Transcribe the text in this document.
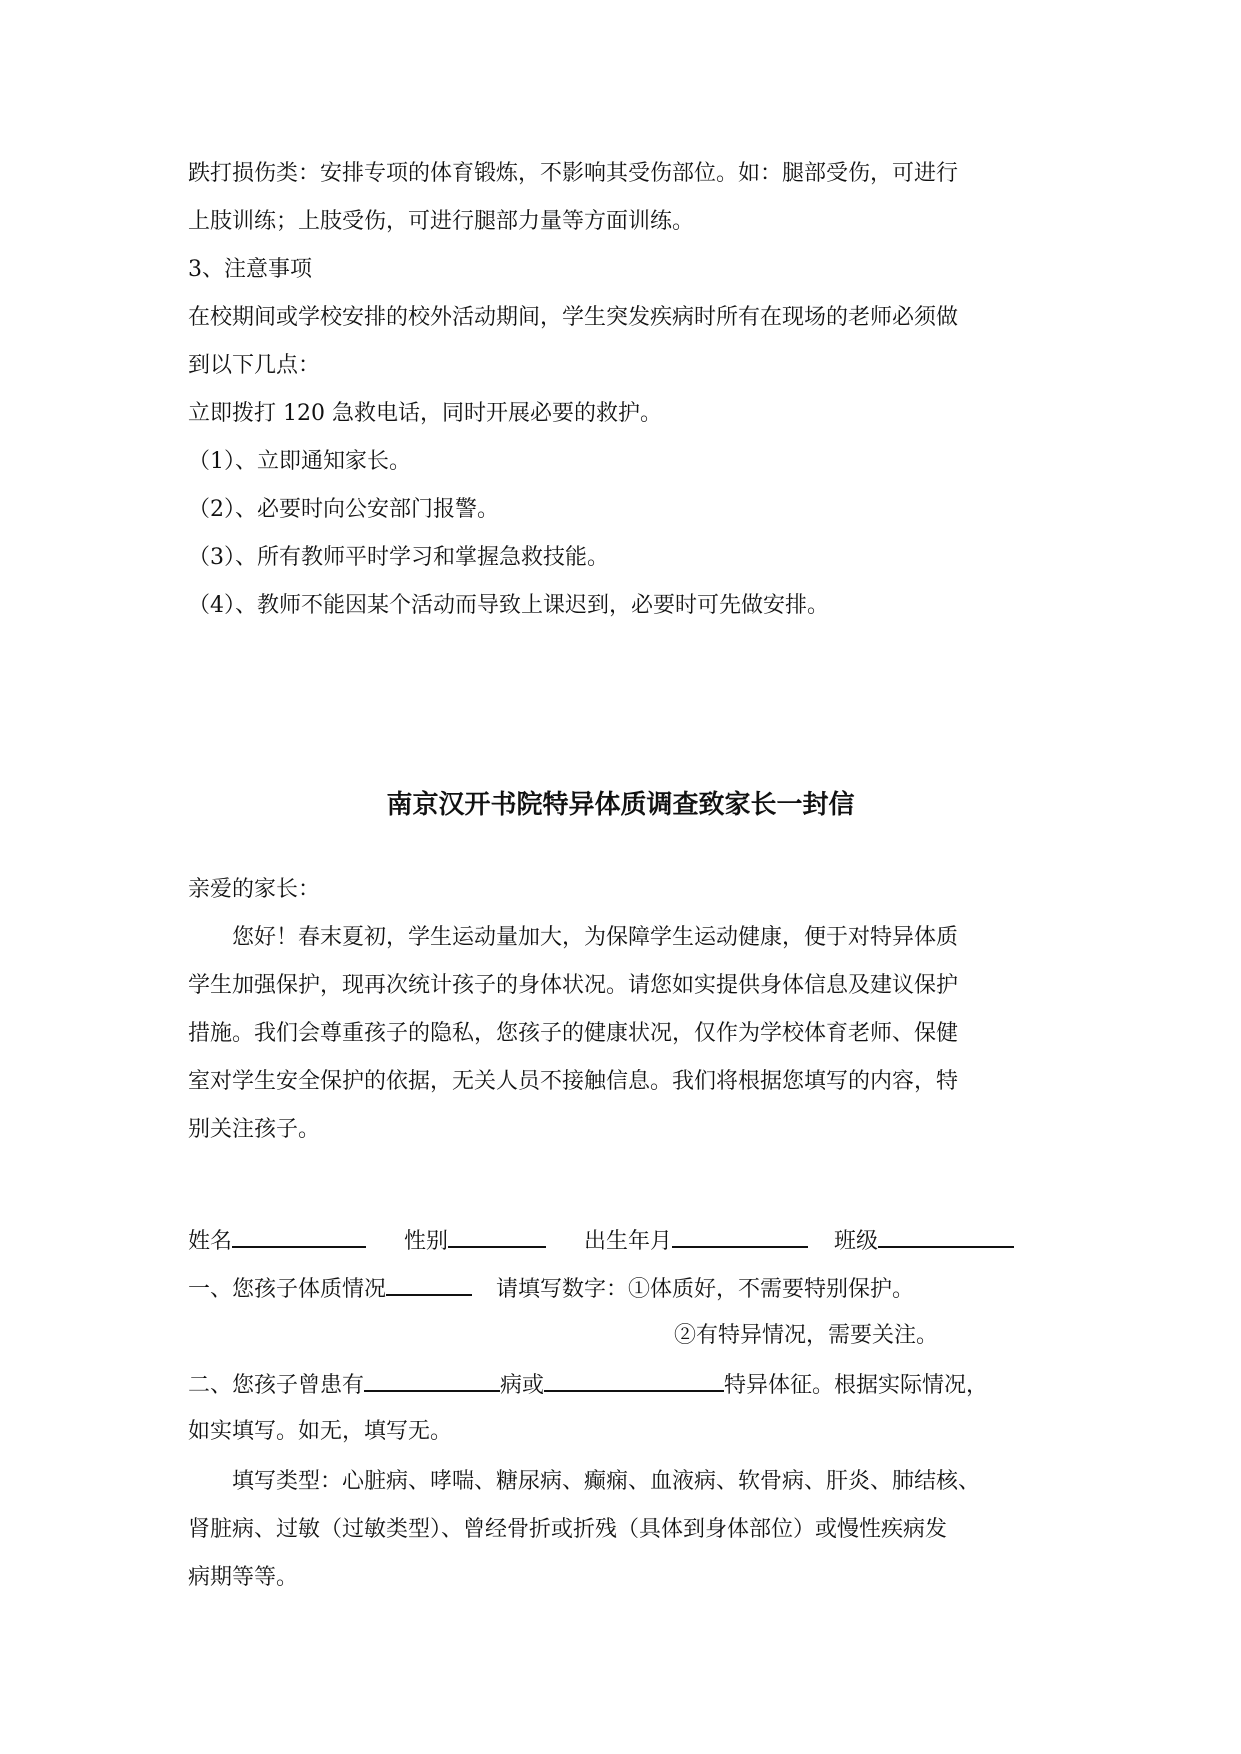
跌打损伤类：安排专项的体育锻炼，不影响其受伤部位。如：腿部受伤，可进行
上肢训练；上肢受伤，可进行腿部力量等方面训练。
3、注意事项
在校期间或学校安排的校外活动期间，学生突发疾病时所有在现场的老师必须做
到以下几点：
立即拨打 120 急救电话，同时开展必要的救护。
（1）、立即通知家长。
（2）、必要时向公安部门报警。
（3）、所有教师平时学习和掌握急救技能。
（4）、教师不能因某个活动而导致上课迟到，必要时可先做安排。
南京汉开书院特异体质调查致家长一封信
亲爱的家长：
您好！春末夏初，学生运动量加大，为保障学生运动健康，便于对特异体质
学生加强保护，现再次统计孩子的身体状况。请您如实提供身体信息及建议保护
措施。我们会尊重孩子的隐私，您孩子的健康状况，仅作为学校体育老师、保健
室对学生安全保护的依据，无关人员不接触信息。我们将根据您填写的内容，特
别关注孩子。
姓名	性别	出生年月	班级
一、您孩子体质情况	请填写数字：①体质好，不需要特别保护。
②有特异情况，需要关注。
二、您孩子曾患有	病或	特异体征。根据实际情况，
如实填写。如无，填写无。
填写类型：心脏病、哮喘、糖尿病、癫痫、血液病、软骨病、肝炎、肺结核、
肾脏病、过敏（过敏类型）、曾经骨折或折残（具体到身体部位）或慢性疾病发
病期等等。
